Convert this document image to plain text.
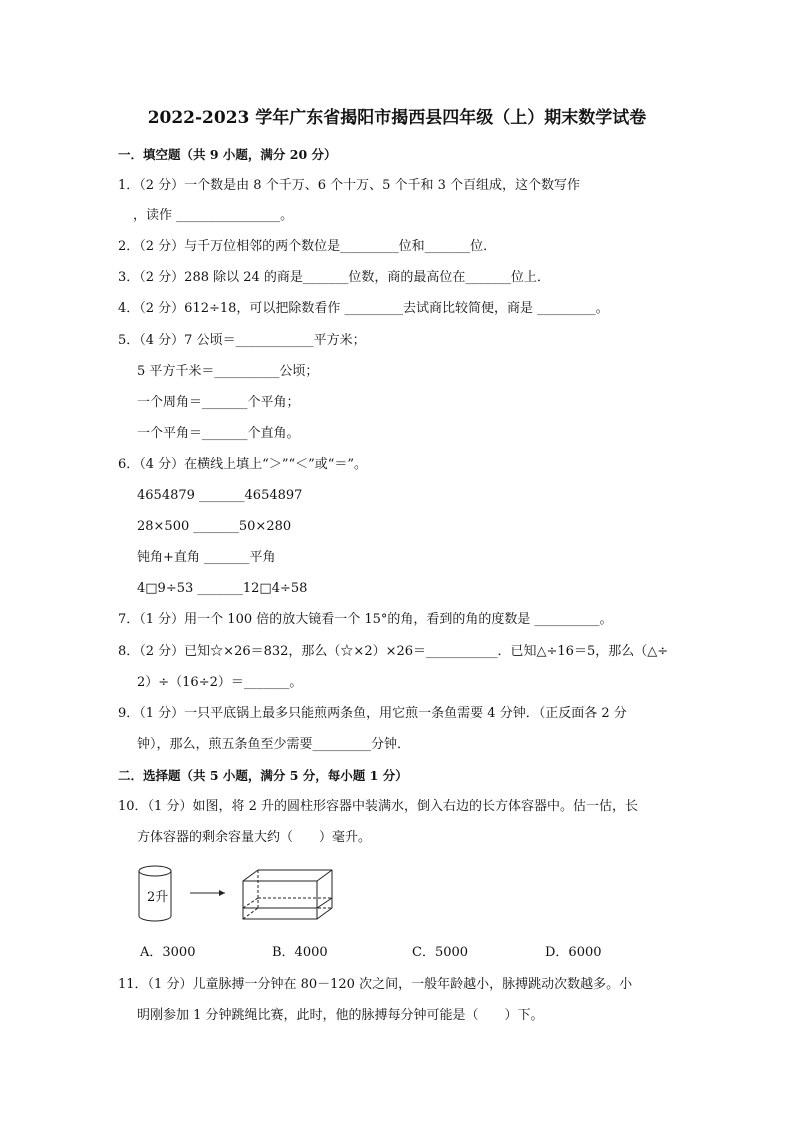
2022-2023 学年广东省揭阳市揭西县四年级（上）期末数学试卷
一．填空题（共 9 小题，满分 20 分）
1．（2 分）一个数是由 8 个千万、6 个十万、5 个千和 3 个百组成，这个数写作
，读作 ________________。
2．（2 分）与千万位相邻的两个数位是_________位和_______位．
3．（2 分）288 除以 24 的商是_______位数，商的最高位在_______位上．
4．（2 分）612÷18，可以把除数看作 _________去试商比较简便，商是 _________。
5．（4 分）7 公顷＝____________平方米；
5 平方千米＝__________公顷；
一个周角＝_______个平角；
一个平角＝_______个直角。
6．（4 分）在横线上填上“＞”“＜”或“＝”。
4654879 _______4654897
28×500 _______50×280
钝角+直角 _______平角
4□9÷53 _______12□4÷58
7．（1 分）用一个 100 倍的放大镜看一个 15°的角，看到的角的度数是 __________。
8．（2 分）已知☆×26＝832，那么（☆×2）×26＝___________．已知△÷16＝5，那么（△÷
2）÷（16÷2）＝_______。
9．（1 分）一只平底锅上最多只能煎两条鱼，用它煎一条鱼需要 4 分钟．（正反面各 2 分
钟），那么，煎五条鱼至少需要_________分钟．
二．选择题（共 5 小题，满分 5 分，每小题 1 分）
10．（1 分）如图，将 2 升的圆柱形容器中装满水，倒入右边的长方体容器中。估一估，长
方体容器的剩余容量大约（　　）毫升。
2升
A．3000	B．4000	C．5000	D．6000
11．（1 分）儿童脉搏一分钟在 80－120 次之间，一般年龄越小，脉搏跳动次数越多。小
明刚参加 1 分钟跳绳比赛，此时，他的脉搏每分钟可能是（　　）下。
